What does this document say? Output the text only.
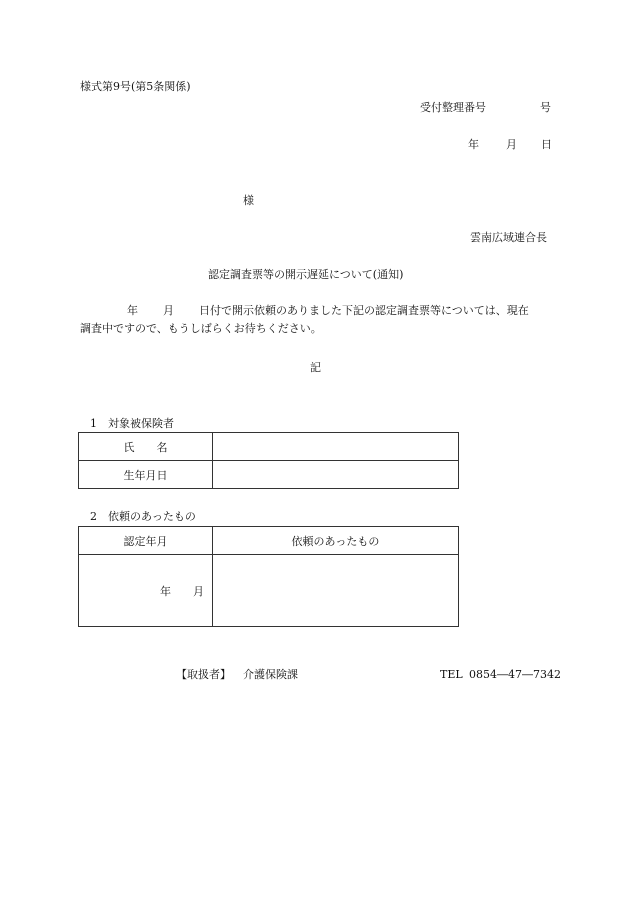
様式第9号(第5条関係)
受付整理番号	号
年 月 日
様
雲南広域連合長
認定調査票等の開示遅延について(通知)
年 月 日付で開示依頼のありました下記の認定調査票等については、現在
調査中ですので、もうしばらくお待ちください。
記
1　対象被保険者
氏　　名	
生年月日	
2　依頼のあったもの
認定年月	依頼のあったもの
年　　月	
【取扱者】 介護保険課	TEL 0854―47―7342
